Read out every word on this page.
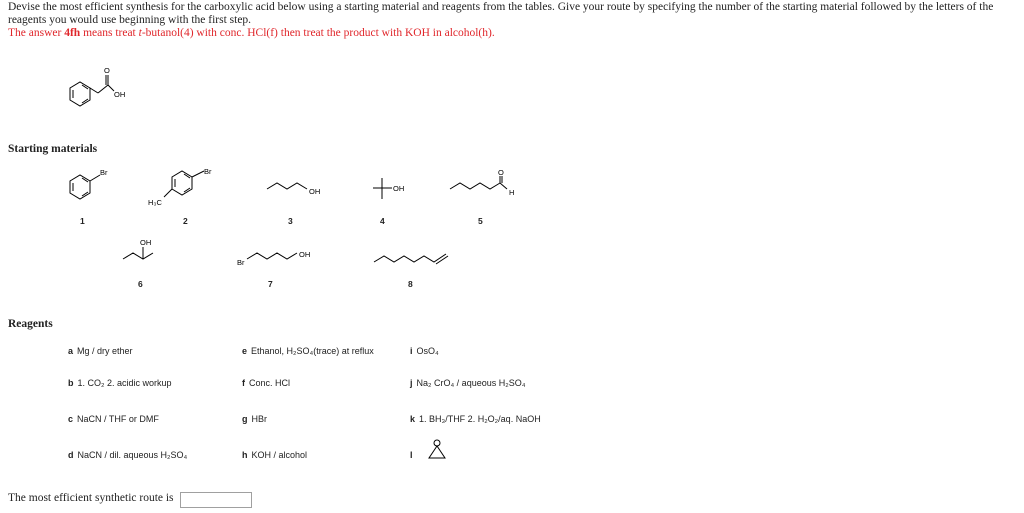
Devise the most efficient synthesis for the carboxylic acid below using a starting material and reagents from the tables. Give your route by specifying the number of the starting material followed by the letters of the reagents you would use beginning with the first step.
The answer 4fh means treat t-butanol(4) with conc. HCl(f) then treat the product with KOH in alcohol(h).
O
OH
Starting materials
Br
1
Br
H₃C
2
OH
3
OH
4
O
H
5
OH
6
Br
OH
7	8
Reagents
a Mg / dry ether
b 1. CO₂ 2. acidic workup
c NaCN / THF or DMF
d NaCN / dil. aqueous H₂SO₄
e Ethanol, H₂SO₄(trace) at reflux
f Conc. HCl
g HBr
h KOH / alcohol
i OsO₄
j Na₂ CrO₄ / aqueous H₂SO₄
k 1. BH₃/THF 2. H₂O₂/aq. NaOH
l
The most efficient synthetic route is
